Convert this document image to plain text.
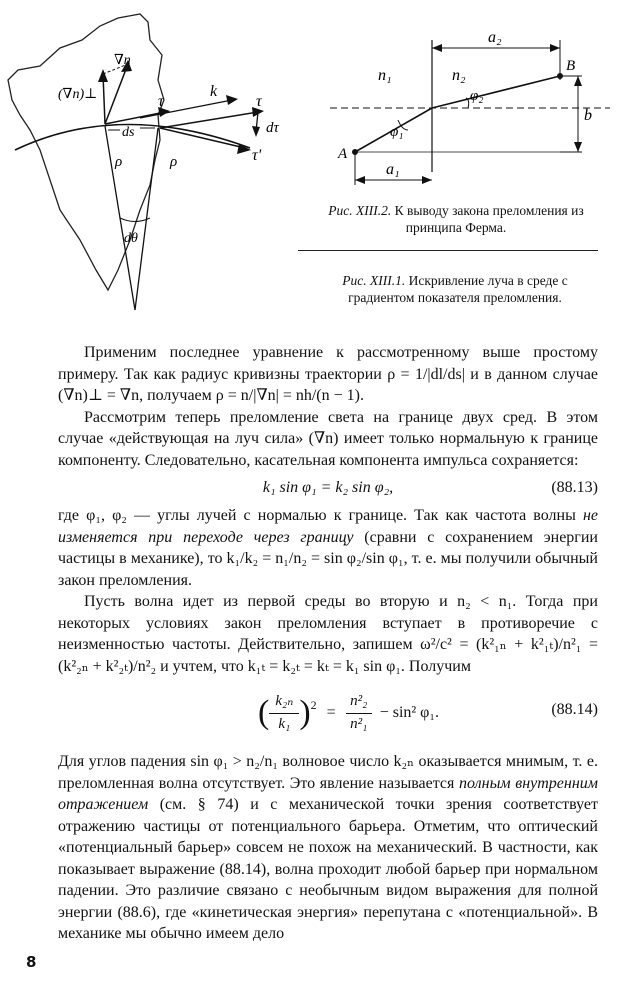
∇n
(∇n)⊥	τ
k
τ
τ'
ds	dτ
ρ	ρ
dθ
a₂
n₁	n₂
B
φ₂
φ₁
b
A
a₁
Рис. XIII.2. К выводу закона преломления из принципа Ферма.
Рис. XIII.1. Искривление луча в среде с градиентом показателя преломления.

Применим последнее уравнение к рассмотренному выше простому примеру. Так как радиус кривизны траектории ρ = 1/|dl/ds| и в данном случае (∇n)⊥ = ∇n, получаем ρ = n/|∇n| = nh/(n − 1).

Рассмотрим теперь преломление света на границе двух сред. В этом случае «действующая на луч сила» (∇n) имеет только нормальную к границе компоненту. Следовательно, касательная компонента импульса сохраняется:

k₁ sin φ₁ = k₂ sin φ₂,	(88.13)

где φ₁, φ₂ — углы лучей с нормалью к границе. Так как частота волны не изменяется при переходе через границу (сравни с сохранением энергии частицы в механике), то k₁/k₂ = n₁/n₂ = sin φ₂/sin φ₁, т. е. мы получили обычный закон преломления.

Пусть волна идет из первой среды во вторую и n₂ < n₁. Тогда при некоторых условиях закон преломления вступает в противоречие с неизменностью частоты. Действительно, запишем ω²/c² = (k²₁ₙ + k²₁ₜ)/n²₁ = (k²₂ₙ + k²₂ₜ)/n²₂ и учтем, что k₁ₜ = k₂ₜ = kₜ = k₁ sin φ₁. Получим

( k₂ₙ
k₁ )$^2$ =
n²₂
n²₁
− sin² φ₁.	(88.14)

Для углов падения sin φ₁ > n₂/n₁ волновое число k₂ₙ оказывается мнимым, т. е. преломленная волна отсутствует. Это явление называется полным внутренним отражением (см. § 74) и с механической точки зрения соответствует отражению частицы от потенциального барьера. Отметим, что оптический «потенциальный барьер» совсем не похож на механический. В частности, как показывает выражение (88.14), волна проходит любой барьер при нормальном падении. Это различие связано с необычным видом выражения для полной энергии (88.6), где «кинетическая энергия» перепутана с «потенциальной». В механике мы обычно имеем дело

8
